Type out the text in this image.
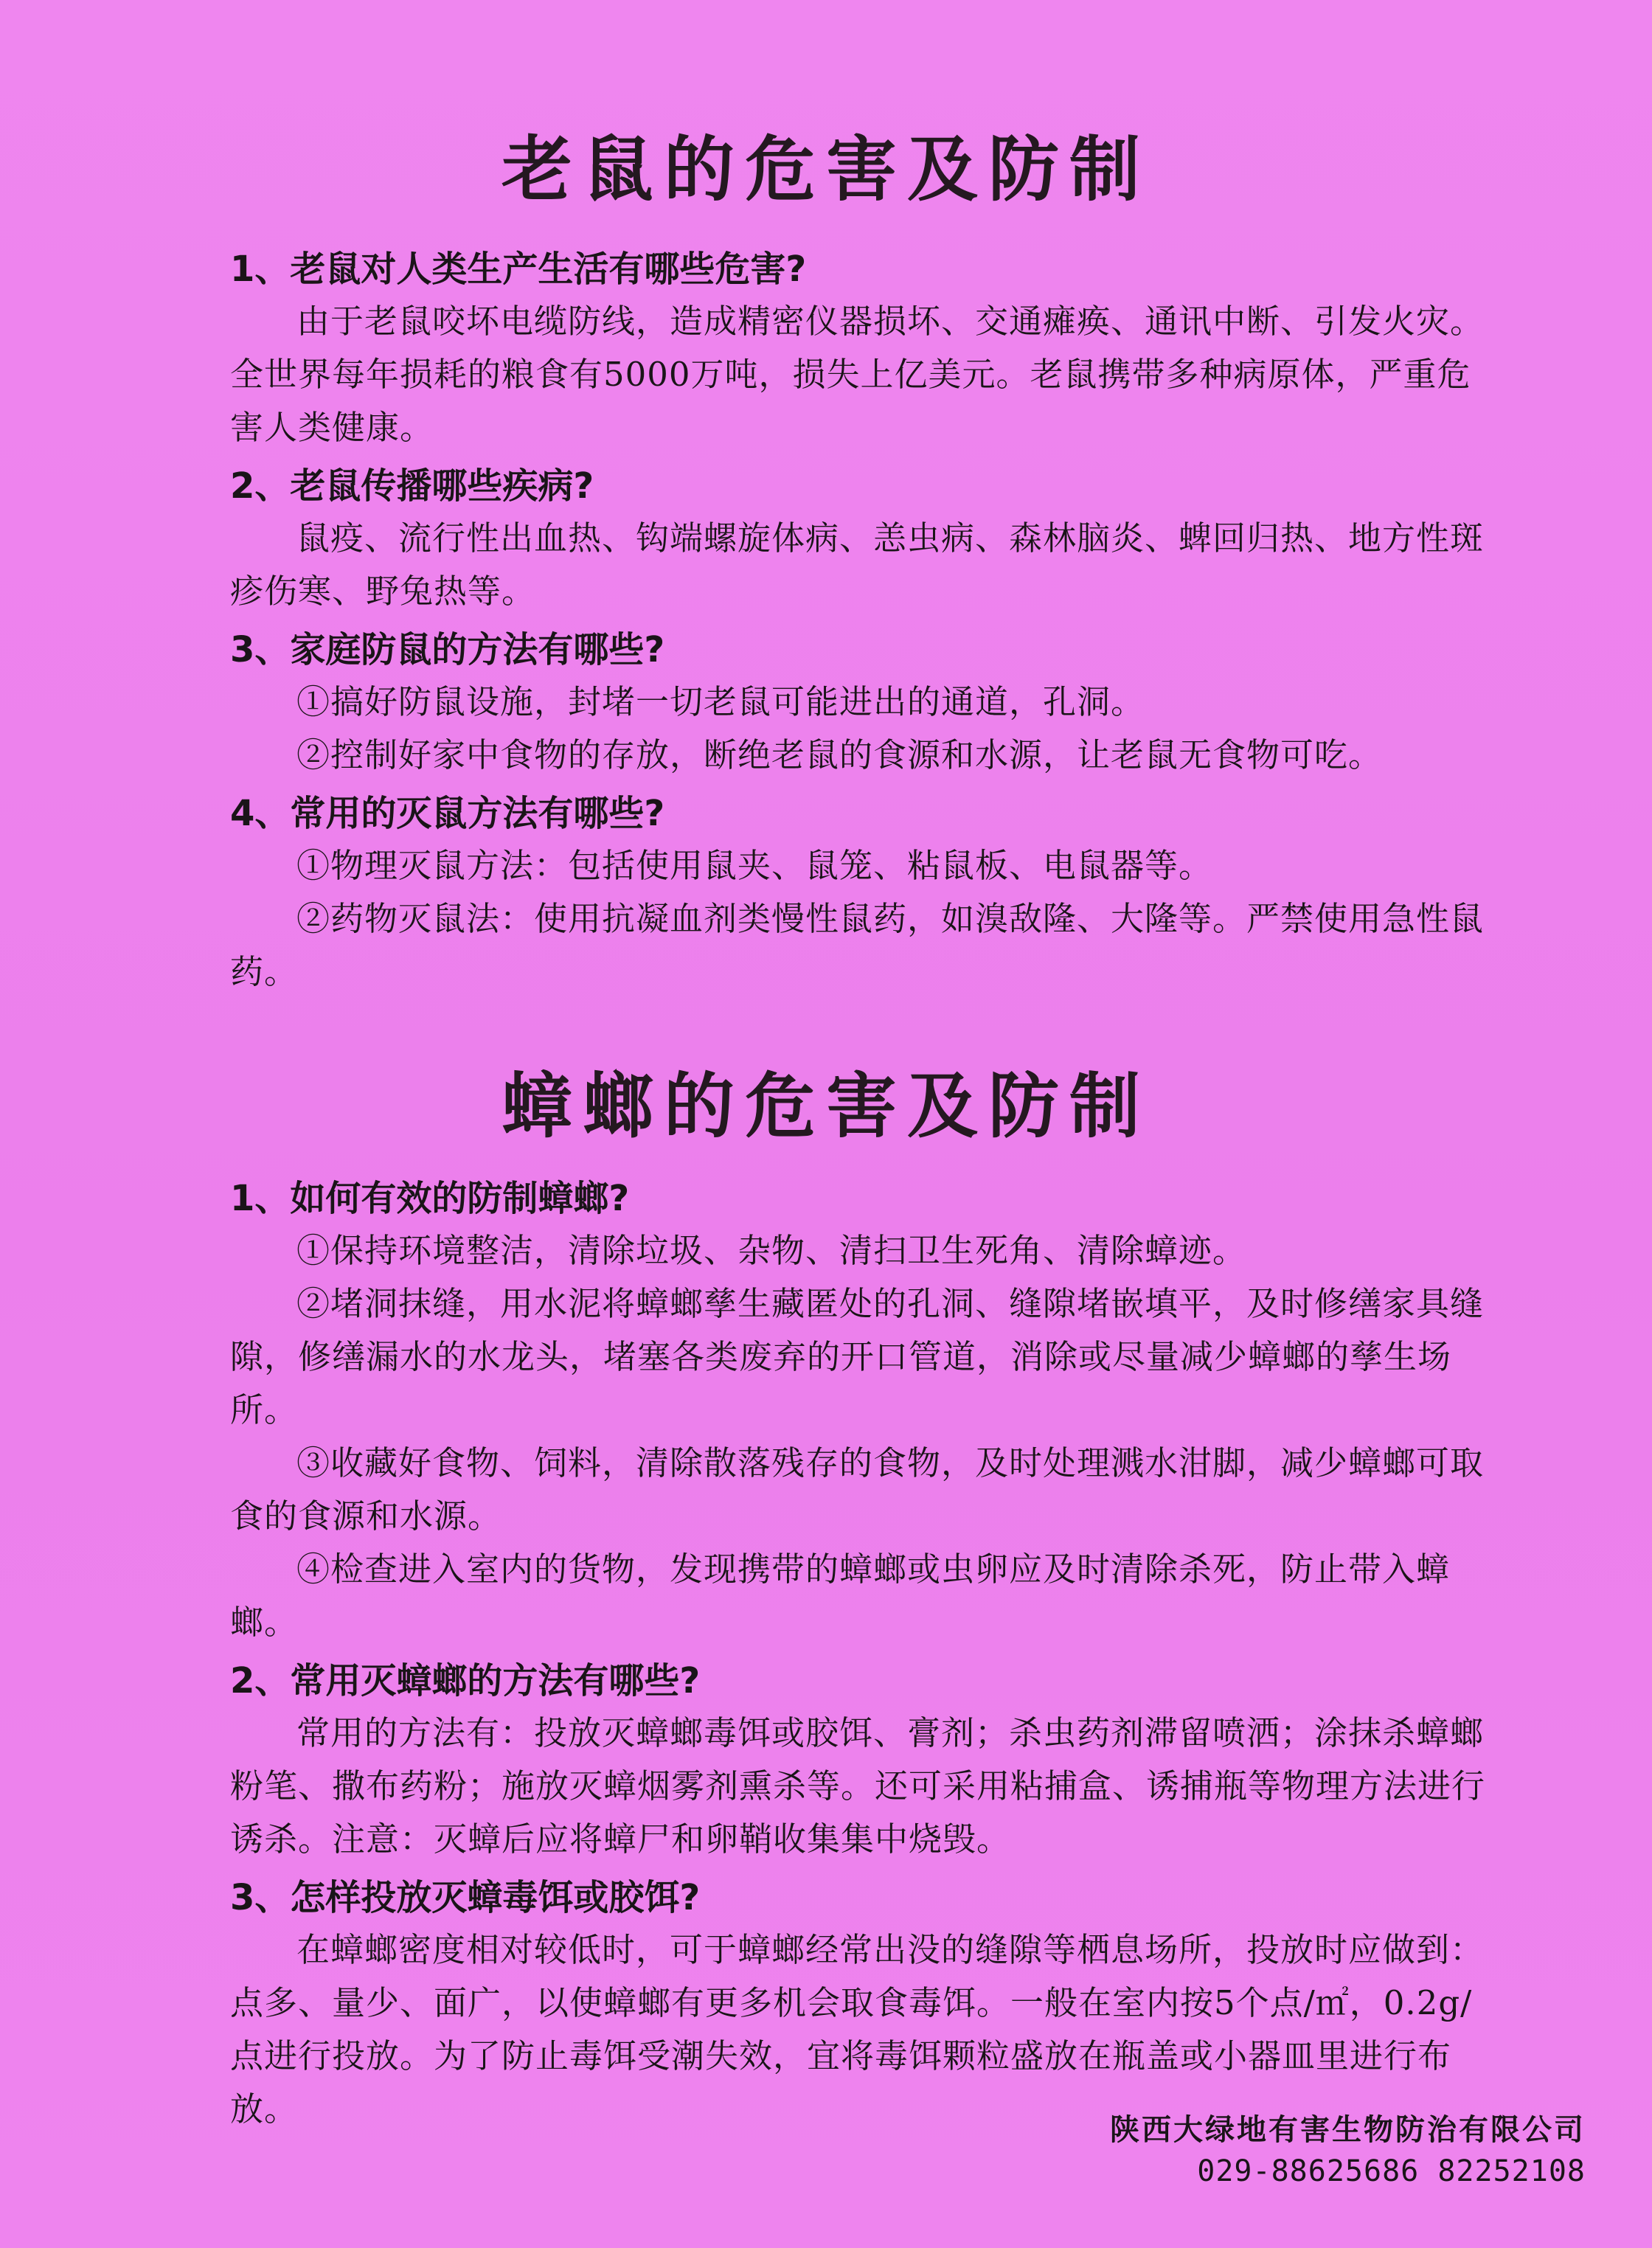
老鼠的危害及防制

1、老鼠对人类生产生活有哪些危害?

由于老鼠咬坏电缆防线，造成精密仪器损坏、交通瘫痪、通讯中断、引发火灾。全世界每年损耗的粮食有5000万吨，损失上亿美元。老鼠携带多种病原体，严重危害人类健康。

2、老鼠传播哪些疾病?

鼠疫、流行性出血热、钩端螺旋体病、恙虫病、森林脑炎、蜱回归热、地方性斑疹伤寒、野兔热等。

3、家庭防鼠的方法有哪些?

①搞好防鼠设施，封堵一切老鼠可能进出的通道，孔洞。

②控制好家中食物的存放，断绝老鼠的食源和水源，让老鼠无食物可吃。

4、常用的灭鼠方法有哪些?

①物理灭鼠方法：包括使用鼠夹、鼠笼、粘鼠板、电鼠器等。

②药物灭鼠法：使用抗凝血剂类慢性鼠药，如溴敌隆、大隆等。严禁使用急性鼠药。

蟑螂的危害及防制

1、如何有效的防制蟑螂?

①保持环境整洁，清除垃圾、杂物、清扫卫生死角、清除蟑迹。

②堵洞抹缝，用水泥将蟑螂孳生藏匿处的孔洞、缝隙堵嵌填平，及时修缮家具缝隙，修缮漏水的水龙头，堵塞各类废弃的开口管道，消除或尽量减少蟑螂的孳生场所。

③收藏好食物、饲料，清除散落残存的食物，及时处理溅水泔脚，减少蟑螂可取食的食源和水源。

④检查进入室内的货物，发现携带的蟑螂或虫卵应及时清除杀死，防止带入蟑螂。

2、常用灭蟑螂的方法有哪些?

常用的方法有：投放灭蟑螂毒饵或胶饵、膏剂；杀虫药剂滞留喷洒；涂抹杀蟑螂粉笔、撒布药粉；施放灭蟑烟雾剂熏杀等。还可采用粘捕盒、诱捕瓶等物理方法进行诱杀。注意：灭蟑后应将蟑尸和卵鞘收集集中烧毁。

3、怎样投放灭蟑毒饵或胶饵?

在蟑螂密度相对较低时，可于蟑螂经常出没的缝隙等栖息场所，投放时应做到：点多、量少、面广，以使蟑螂有更多机会取食毒饵。一般在室内按5个点/㎡，0.2g/点进行投放。为了防止毒饵受潮失效，宜将毒饵颗粒盛放在瓶盖或小器皿里进行布放。

陕西大绿地有害生物防治有限公司
029-88625686 82252108
